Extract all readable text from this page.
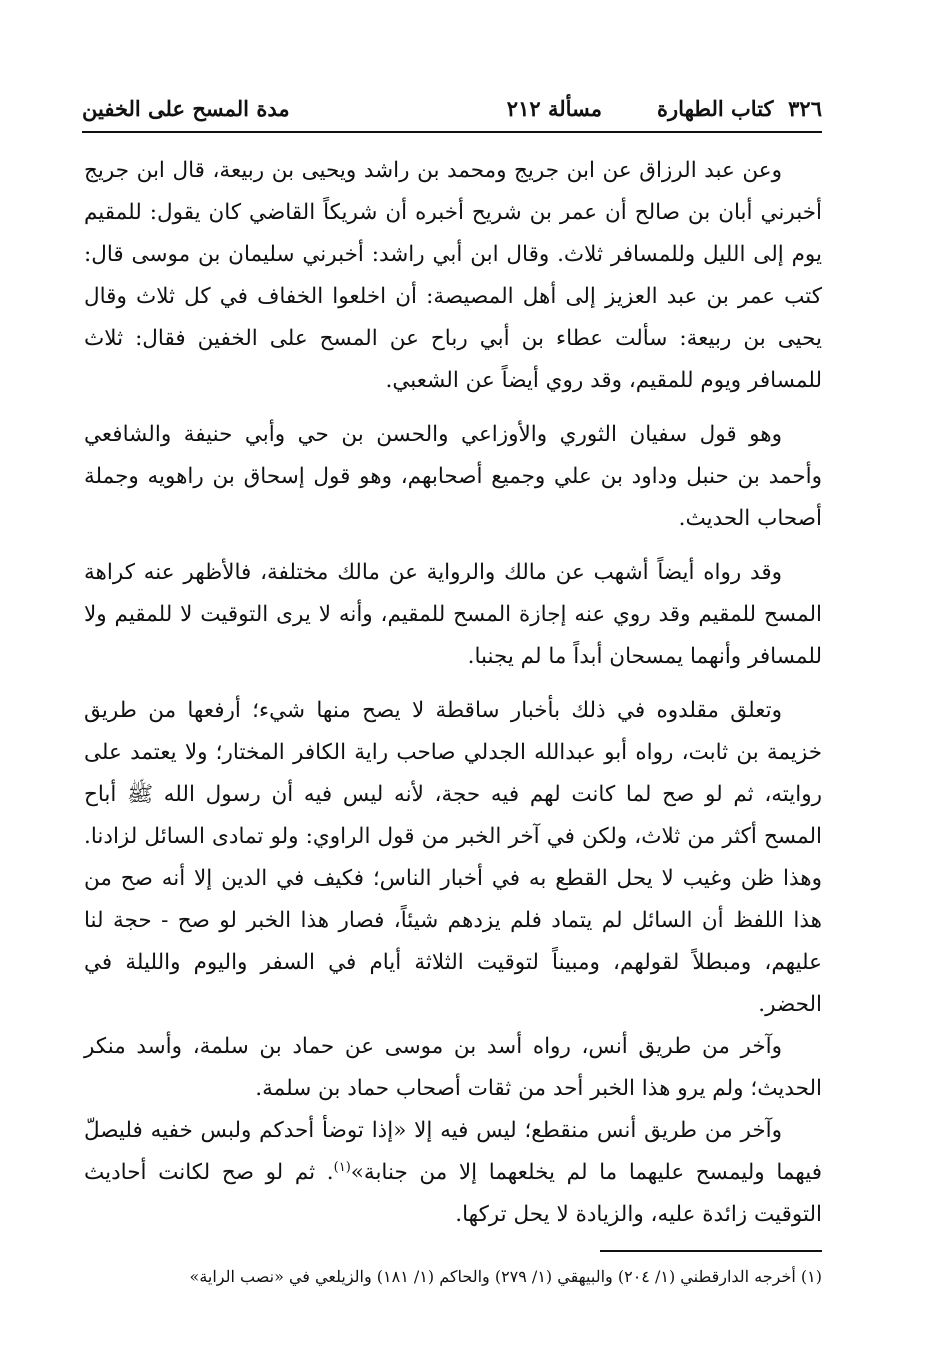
٣٢٦  كتاب الطهارة
مسألة ٢١٢
مدة المسح على الخفين

وعن عبد الرزاق عن ابن جريج ومحمد بن راشد ويحيى بن ربيعة، قال ابن جريج أخبرني أبان بن صالح أن عمر بن شريح أخبره أن شريكاً القاضي كان يقول: للمقيم يوم إلى الليل وللمسافر ثلاث. وقال ابن أبي راشد: أخبرني سليمان بن موسى قال: كتب عمر بن عبد العزيز إلى أهل المصيصة: أن اخلعوا الخفاف في كل ثلاث وقال يحيى بن ربيعة: سألت عطاء بن أبي رباح عن المسح على الخفين فقال: ثلاث للمسافر ويوم للمقيم، وقد روي أيضاً عن الشعبي.

وهو قول سفيان الثوري والأوزاعي والحسن بن حي وأبي حنيفة والشافعي وأحمد بن حنبل وداود بن علي وجميع أصحابهم، وهو قول إسحاق بن راهويه وجملة أصحاب الحديث.

وقد رواه أيضاً أشهب عن مالك والرواية عن مالك مختلفة، فالأظهر عنه كراهة المسح للمقيم وقد روي عنه إجازة المسح للمقيم، وأنه لا يرى التوقيت لا للمقيم ولا للمسافر وأنهما يمسحان أبداً ما لم يجنبا.

وتعلق مقلدوه في ذلك بأخبار ساقطة لا يصح منها شيء؛ أرفعها من طريق خزيمة بن ثابت، رواه أبو عبدالله الجدلي صاحب راية الكافر المختار؛ ولا يعتمد على روايته، ثم لو صح لما كانت لهم فيه حجة، لأنه ليس فيه أن رسول الله ﷺ أباح المسح أكثر من ثلاث، ولكن في آخر الخبر من قول الراوي: ولو تمادى السائل لزادنا. وهذا ظن وغيب لا يحل القطع به في أخبار الناس؛ فكيف في الدين إلا أنه صح من هذا اللفظ أن السائل لم يتماد فلم يزدهم شيئاً، فصار هذا الخبر لو صح - حجة لنا عليهم، ومبطلاً لقولهم، ومبيناً لتوقيت الثلاثة أيام في السفر واليوم والليلة في الحضر.

وآخر من طريق أنس، رواه أسد بن موسى عن حماد بن سلمة، وأسد منكر الحديث؛ ولم يرو هذا الخبر أحد من ثقات أصحاب حماد بن سلمة.

وآخر من طريق أنس منقطع؛ ليس فيه إلا «إذا توضأ أحدكم ولبس خفيه فليصلّ فيهما وليمسح عليهما ما لم يخلعهما إلا من جنابة»$^{(١)}$. ثم لو صح لكانت أحاديث التوقيت زائدة عليه، والزيادة لا يحل تركها.

(١) أخرجه الدارقطني (١/ ٢٠٤) والبيهقي (١/ ٢٧٩) والحاكم (١/ ١٨١) والزيلعي في «نصب الراية»
